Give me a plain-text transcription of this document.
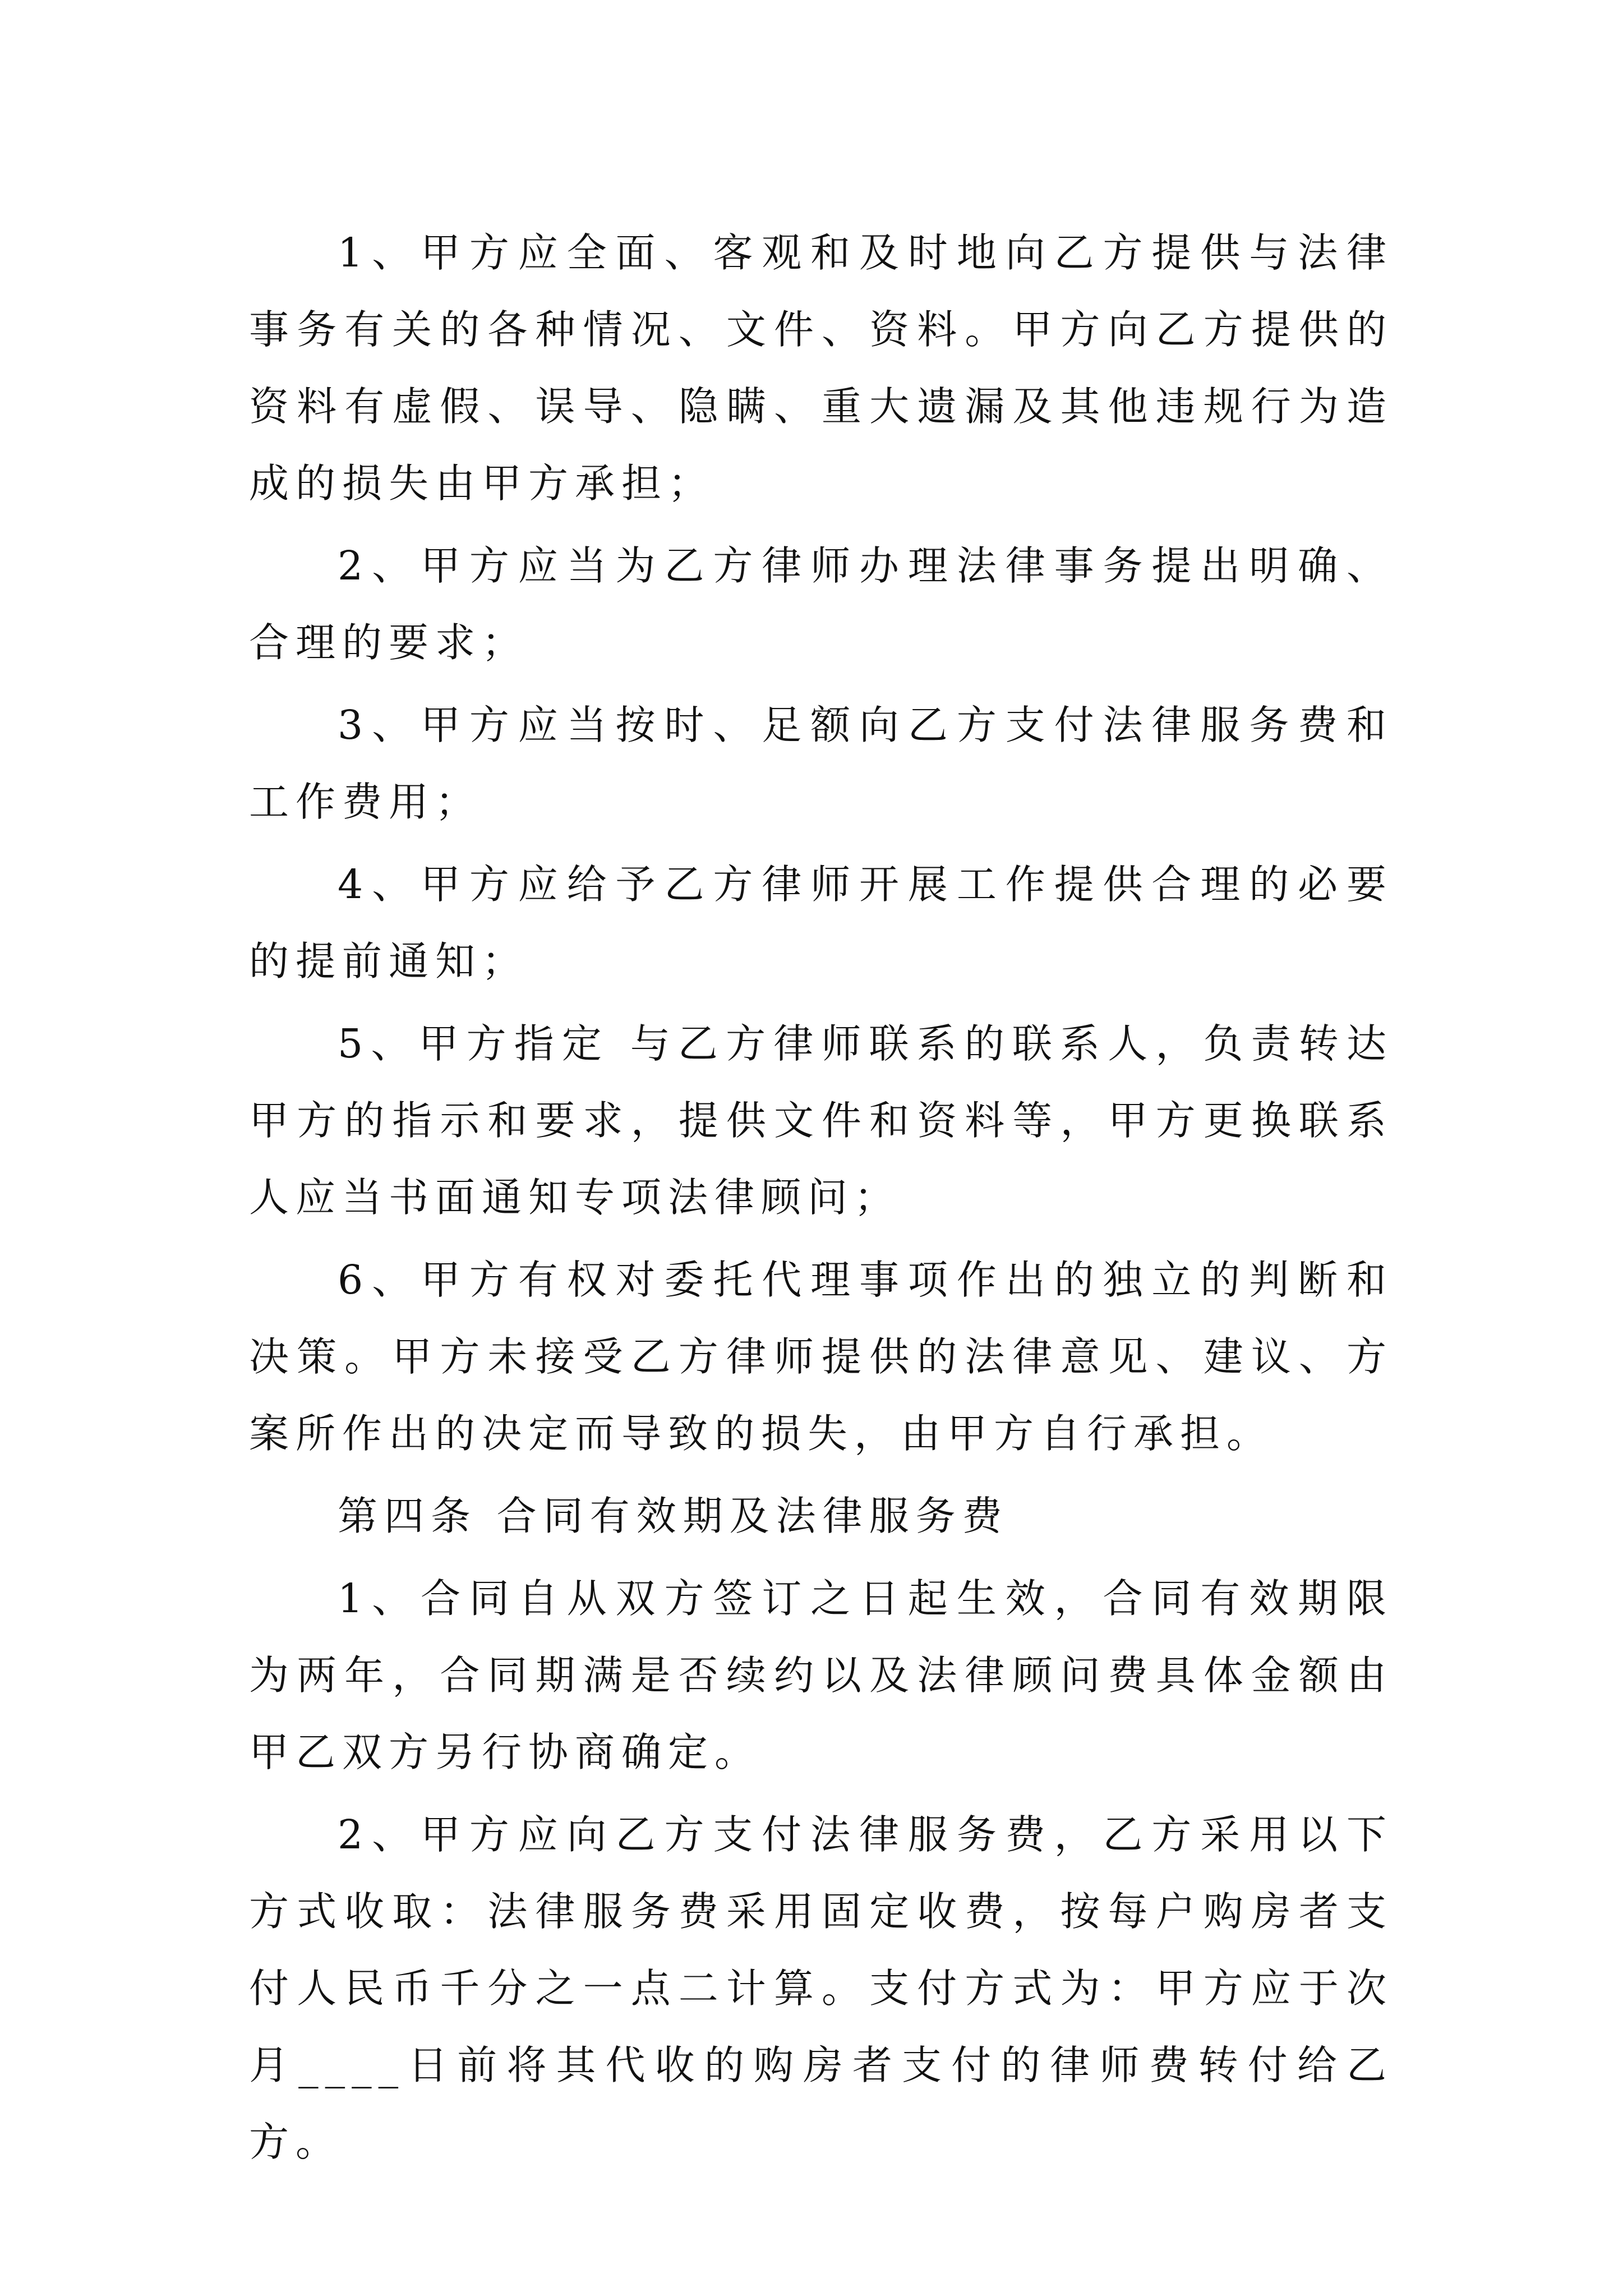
1、甲方应全面、客观和及时地向乙方提供与法律事务有关的各种情况、文件、资料。甲方向乙方提供的资料有虚假、误导、隐瞒、重大遗漏及其他违规行为造成的损失由甲方承担；

2、甲方应当为乙方律师办理法律事务提出明确、合理的要求；

3、甲方应当按时、足额向乙方支付法律服务费和工作费用；

4、甲方应给予乙方律师开展工作提供合理的必要的提前通知；

5、甲方指定 与乙方律师联系的联系人，负责转达甲方的指示和要求，提供文件和资料等，甲方更换联系人应当书面通知专项法律顾问；

6、甲方有权对委托代理事项作出的独立的判断和决策。甲方未接受乙方律师提供的法律意见、建议、方案所作出的决定而导致的损失，由甲方自行承担。

第四条 合同有效期及法律服务费

1、合同自从双方签订之日起生效，合同有效期限为两年，合同期满是否续约以及法律顾问费具体金额由甲乙双方另行协商确定。

2、甲方应向乙方支付法律服务费，乙方采用以下方式收取：法律服务费采用固定收费，按每户购房者支付人民币千分之一点二计算。支付方式为：甲方应于次月____日前将其代收的购房者支付的律师费转付给乙方。
